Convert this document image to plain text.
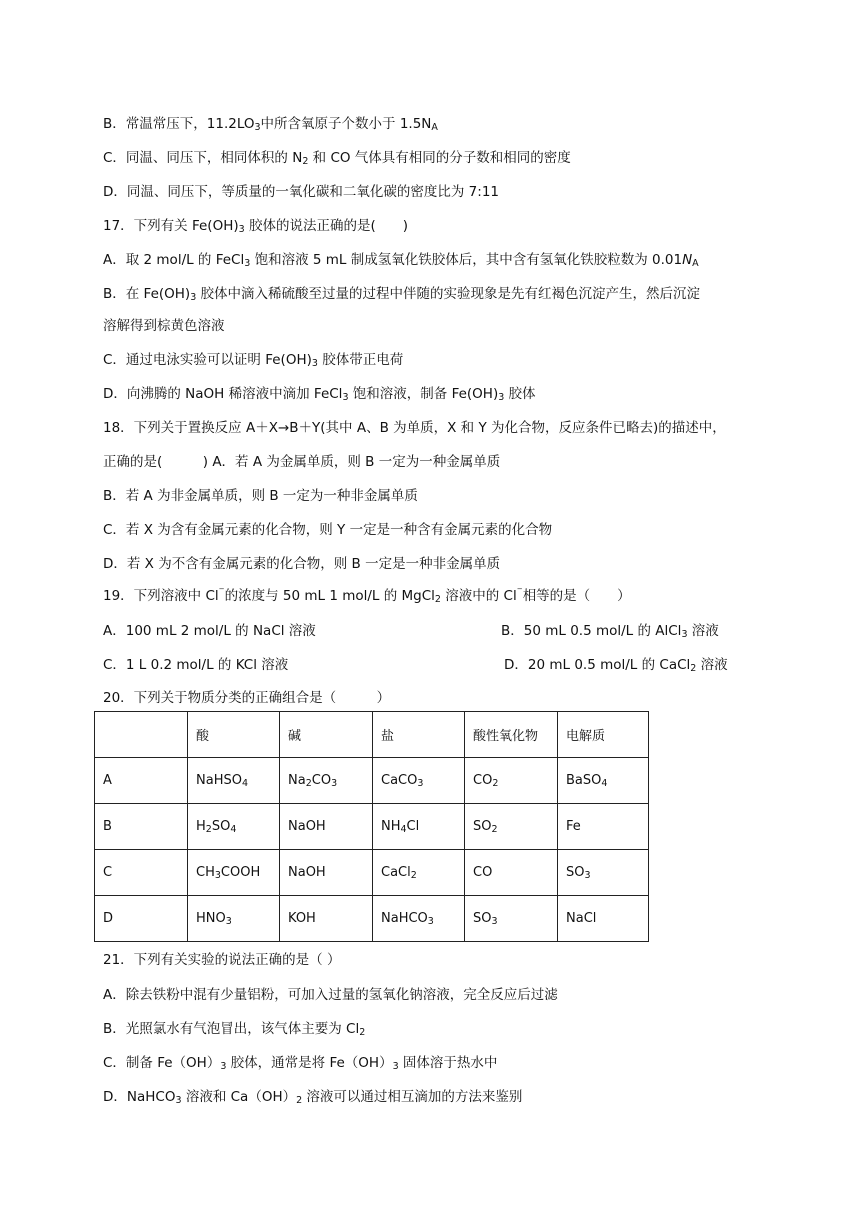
B．常温常压下，$11.2LO_3$中所含氧原子个数小于 $1.5N_A$
C．同温、同压下，相同体积的 $N_2$ 和 CO 气体具有相同的分子数和相同的密度
D．同温、同压下，等质量的一氧化碳和二氧化碳的密度比为 7:11
17．下列有关 $Fe(OH)_3$ 胶体的说法正确的是(　　)
A．取 2 mol/L 的 FeCl$_3$ 饱和溶液 5 mL 制成氢氧化铁胶体后，其中含有氢氧化铁胶粒数为 $0.01N_A$
B．在 $Fe(OH)_3$ 胶体中滴入稀硫酸至过量的过程中伴随的实验现象是先有红褐色沉淀产生，然后沉淀
溶解得到棕黄色溶液
C．通过电泳实验可以证明 $Fe(OH)_3$ 胶体带正电荷
D．向沸腾的 NaOH 稀溶液中滴加 FeCl$_3$ 饱和溶液，制备 $Fe(OH)_3$ 胶体
18．下列关于置换反应 A＋X→B＋Y(其中 A、B 为单质，X 和 Y 为化合物，反应条件已略去)的描述中，
正确的是(　　　) A．若 A 为金属单质，则 B 一定为一种金属单质
B．若 A 为非金属单质，则 B 一定为一种非金属单质
C．若 X 为含有金属元素的化合物，则 Y 一定是一种含有金属元素的化合物
D．若 X 为不含有金属元素的化合物，则 B 一定是一种非金属单质
19．下列溶液中 Cl⁻的浓度与 50 mL 1 mol/L 的 MgCl$_2$ 溶液中的 Cl⁻相等的是（　　）
A．100 mL 2 mol/L 的 NaCl 溶液	B．50 mL 0.5 mol/L 的 AlCl$_3$ 溶液
C．1 L 0.2 mol/L 的 KCl 溶液	D．20 mL 0.5 mol/L 的 CaCl$_2$ 溶液
20．下列关于物质分类的正确组合是（　　　）
	酸	碱	盐	酸性氧化物	电解质
A	NaHSO$_4$	$Na_2CO_3$	CaCO$_3$	$CO_2$	BaSO$_4$
B	$H_2SO_4$	NaOH	$NH_4Cl$	$SO_2$	Fe
C	$CH_3COOH$	NaOH	CaCl$_2$	CO	$SO_3$
D	$HNO_3$	KOH	NaHCO$_3$	$SO_3$	NaCl
21．下列有关实验的说法正确的是（ ）
A．除去铁粉中混有少量铝粉，可加入过量的氢氧化钠溶液，完全反应后过滤
B．光照氯水有气泡冒出，该气体主要为 $Cl_2$
C．制备 $Fe(OH)_3$ 胶体，通常是将 $Fe(OH)_3$ 固体溶于热水中
D．NaHCO$_3$ 溶液和 $Ca(OH)_2$ 溶液可以通过相互滴加的方法来鉴别
